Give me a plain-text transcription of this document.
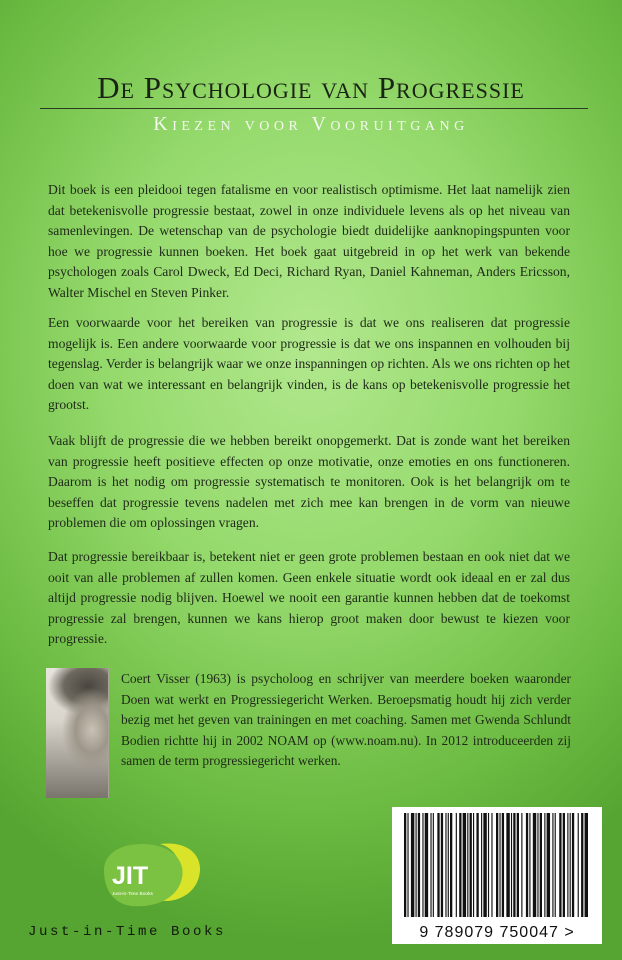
De Psychologie van Progressie
Kiezen voor Vooruitgang

Dit boek is een pleidooi tegen fatalisme en voor realistisch optimisme. Het laat namelijk zien dat betekenisvolle progressie bestaat, zowel in onze individuele levens als op het niveau van samenlevingen. De wetenschap van de psychologie biedt duidelijke aanknopingspunten voor hoe we progressie kunnen boeken. Het boek gaat uitgebreid in op het werk van bekende psychologen zoals Carol Dweck, Ed Deci, Richard Ryan, Daniel Kahneman, Anders Ericsson, Walter Mischel en Steven Pinker.

Een voorwaarde voor het bereiken van progressie is dat we ons realiseren dat progressie mogelijk is. Een andere voorwaarde voor progressie is dat we ons inspannen en volhouden bij tegenslag. Verder is belangrijk waar we onze inspanningen op richten. Als we ons richten op het doen van wat we interessant en belangrijk vinden, is de kans op betekenisvolle progressie het grootst.

Vaak blijft de progressie die we hebben bereikt onopgemerkt. Dat is zonde want het bereiken van progressie heeft positieve effecten op onze motivatie, onze emoties en ons functioneren. Daarom is het nodig om progressie systematisch te monitoren. Ook is het belangrijk om te beseffen dat progressie tevens nadelen met zich mee kan brengen in de vorm van nieuwe problemen die om oplossingen vragen.

Dat progressie bereikbaar is, betekent niet er geen grote problemen bestaan en ook niet dat we ooit van alle problemen af zullen komen. Geen enkele situatie wordt ook ideaal en er zal dus altijd progressie nodig blijven. Hoewel we nooit een garantie kunnen hebben dat de toekomst progressie zal brengen, kunnen we kans hierop groot maken door bewust te kiezen voor progressie.

Coert Visser (1963) is psycholoog en schrijver van meerdere boeken waaronder Doen wat werkt en Progressiegericht Werken. Beroepsmatig houdt hij zich verder bezig met het geven van trainingen en met coaching. Samen met Gwenda Schlundt Bodien richtte hij in 2002 NOAM op (www.noam.nu). In 2012 introduceerden zij samen de term progressiegericht werken.

JIT
Just-in-Time Books
Just-in-Time Books	9 789079 750047 >
